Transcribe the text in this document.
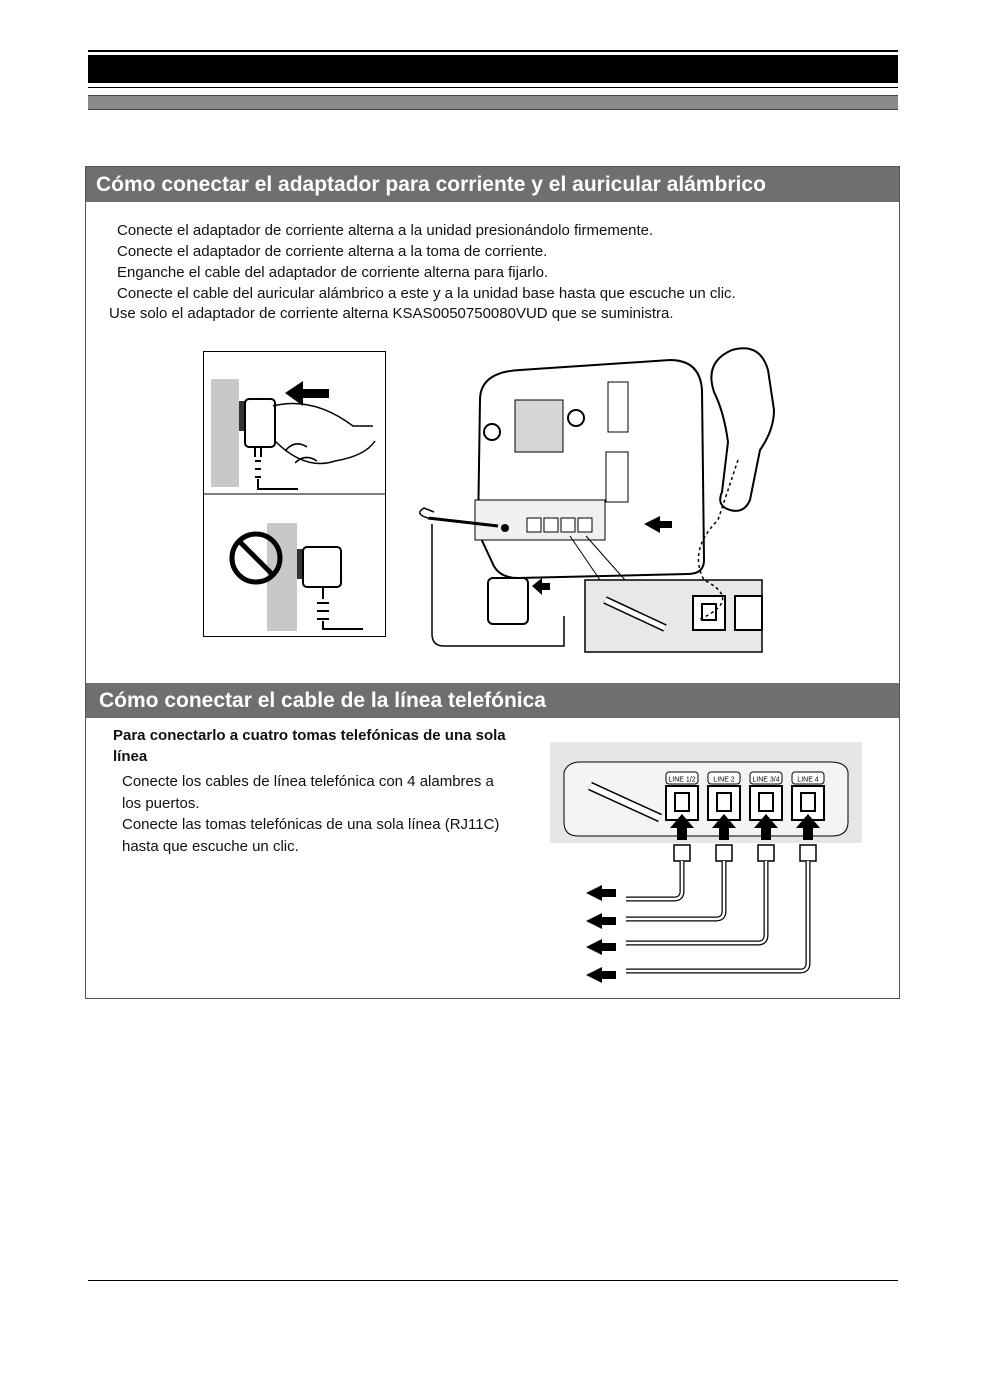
Cómo conectar el adaptador para corriente y el auricular alámbrico
Conecte el adaptador de corriente alterna a la unidad presionándolo firmemente.
Conecte el adaptador de corriente alterna a la toma de corriente.
Enganche el cable del adaptador de corriente alterna para fijarlo.
Conecte el cable del auricular alámbrico a este y a la unidad base hasta que escuche un clic.
Use solo el adaptador de corriente alterna KSAS0050750080VUD que se suministra.
Cómo conectar el cable de la línea telefónica
Para conectarlo a cuatro tomas telefónicas de una sola línea
Conecte los cables de línea telefónica con 4 alambres a los puertos.
Conecte las tomas telefónicas de una sola línea (RJ11C) hasta que escuche un clic.
LINE 1/2	LINE 2	LINE 3/4	LINE 4
